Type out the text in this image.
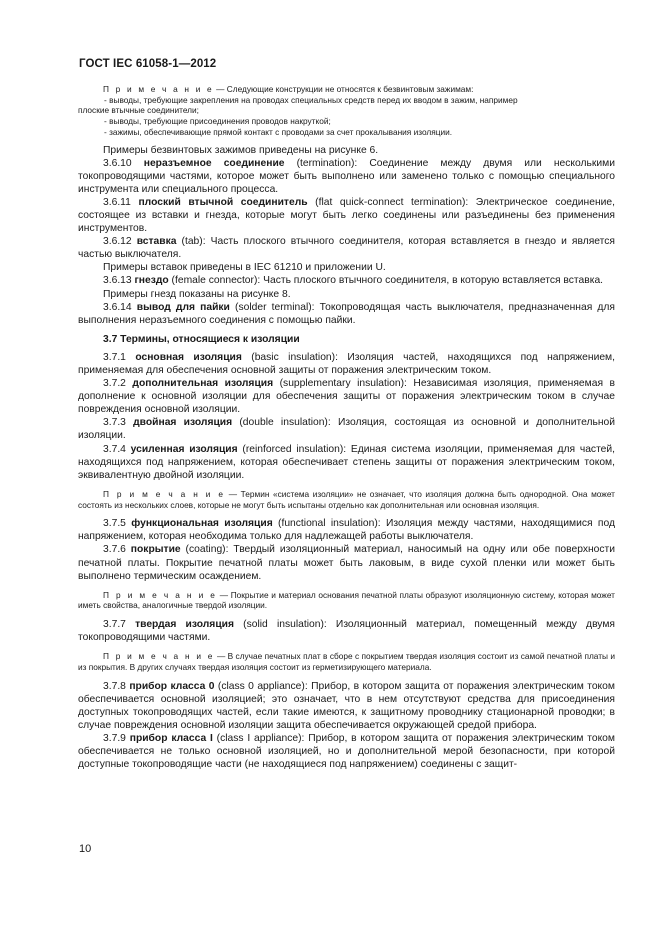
ГОСТ IEC 61058-1—2012

П р и м е ч а н и е — Следующие конструкции не относятся к безвинтовым зажимам:

- выводы, требующие закрепления на проводах специальных средств перед их вводом в зажим, например

плоские втычные соединители;

- выводы, требующие присоединения проводов накруткой;

- зажимы, обеспечивающие прямой контакт с проводами за счет прокалывания изоляции.

Примеры безвинтовых зажимов приведены на рисунке 6.

3.6.10 неразъемное соединение (termination): Соединение между двумя или несколькими токопроводящими частями, которое может быть выполнено или заменено только с помощью специального инструмента или специального процесса.

3.6.11 плоский втычной соединитель (flat quick-connect termination): Электрическое соединение, состоящее из вставки и гнезда, которые могут быть легко соединены или разъединены без применения инструментов.

3.6.12 вставка (tab): Часть плоского втычного соединителя, которая вставляется в гнездо и является частью выключателя.

Примеры вставок приведены в IEC 61210 и приложении U.

3.6.13 гнездо (female connector): Часть плоского втычного соединителя, в которую вставляется вставка.

Примеры гнезд показаны на рисунке 8.

3.6.14 вывод для пайки (solder terminal): Токопроводящая часть выключателя, предназначенная для выполнения неразъемного соединения с помощью пайки.

3.7 Термины, относящиеся к изоляции

3.7.1 основная изоляция (basic insulation): Изоляция частей, находящихся под напряжением, применяемая для обеспечения основной защиты от поражения электрическим током.

3.7.2 дополнительная изоляция (supplementary insulation): Независимая изоляция, применяемая в дополнение к основной изоляции для обеспечения защиты от поражения электрическим током в случае повреждения основной изоляции.

3.7.3 двойная изоляция (double insulation): Изоляция, состоящая из основной и дополнительной изоляции.

3.7.4 усиленная изоляция (reinforced insulation): Единая система изоляции, применяемая для частей, находящихся под напряжением, которая обеспечивает степень защиты от поражения электрическим током, эквивалентную двойной изоляции.

П р и м е ч а н и е — Термин «система изоляции» не означает, что изоляция должна быть однородной. Она может состоять из нескольких слоев, которые не могут быть испытаны отдельно как дополнительная или основная изоляция.

3.7.5 функциональная изоляция (functional insulation): Изоляция между частями, находящимися под напряжением, которая необходима только для надлежащей работы выключателя.

3.7.6 покрытие (coating): Твердый изоляционный материал, наносимый на одну или обе поверхности печатной платы. Покрытие печатной платы может быть лаковым, в виде сухой пленки или может быть выполнено термическим осаждением.

П р и м е ч а н и е — Покрытие и материал основания печатной платы образуют изоляционную систему, которая может иметь свойства, аналогичные твердой изоляции.

3.7.7 твердая изоляция (solid insulation): Изоляционный материал, помещенный между двумя токопроводящими частями.

П р и м е ч а н и е — В случае печатных плат в сборе с покрытием твердая изоляция состоит из самой печатной платы и из покрытия. В других случаях твердая изоляция состоит из герметизирующего материала.

3.7.8 прибор класса 0 (class 0 appliance): Прибор, в котором защита от поражения электрическим током обеспечивается основной изоляцией; это означает, что в нем отсутствуют средства для присоединения доступных токопроводящих частей, если такие имеются, к защитному проводнику стационарной проводки; в случае повреждения основной изоляции защита обеспечивается окружающей средой прибора.

3.7.9 прибор класса I (class I appliance): Прибор, в котором защита от поражения электрическим током обеспечивается не только основной изоляцией, но и дополнительной мерой безопасности, при которой доступные токопроводящие части (не находящиеся под напряжением) соединены с защит-

10
